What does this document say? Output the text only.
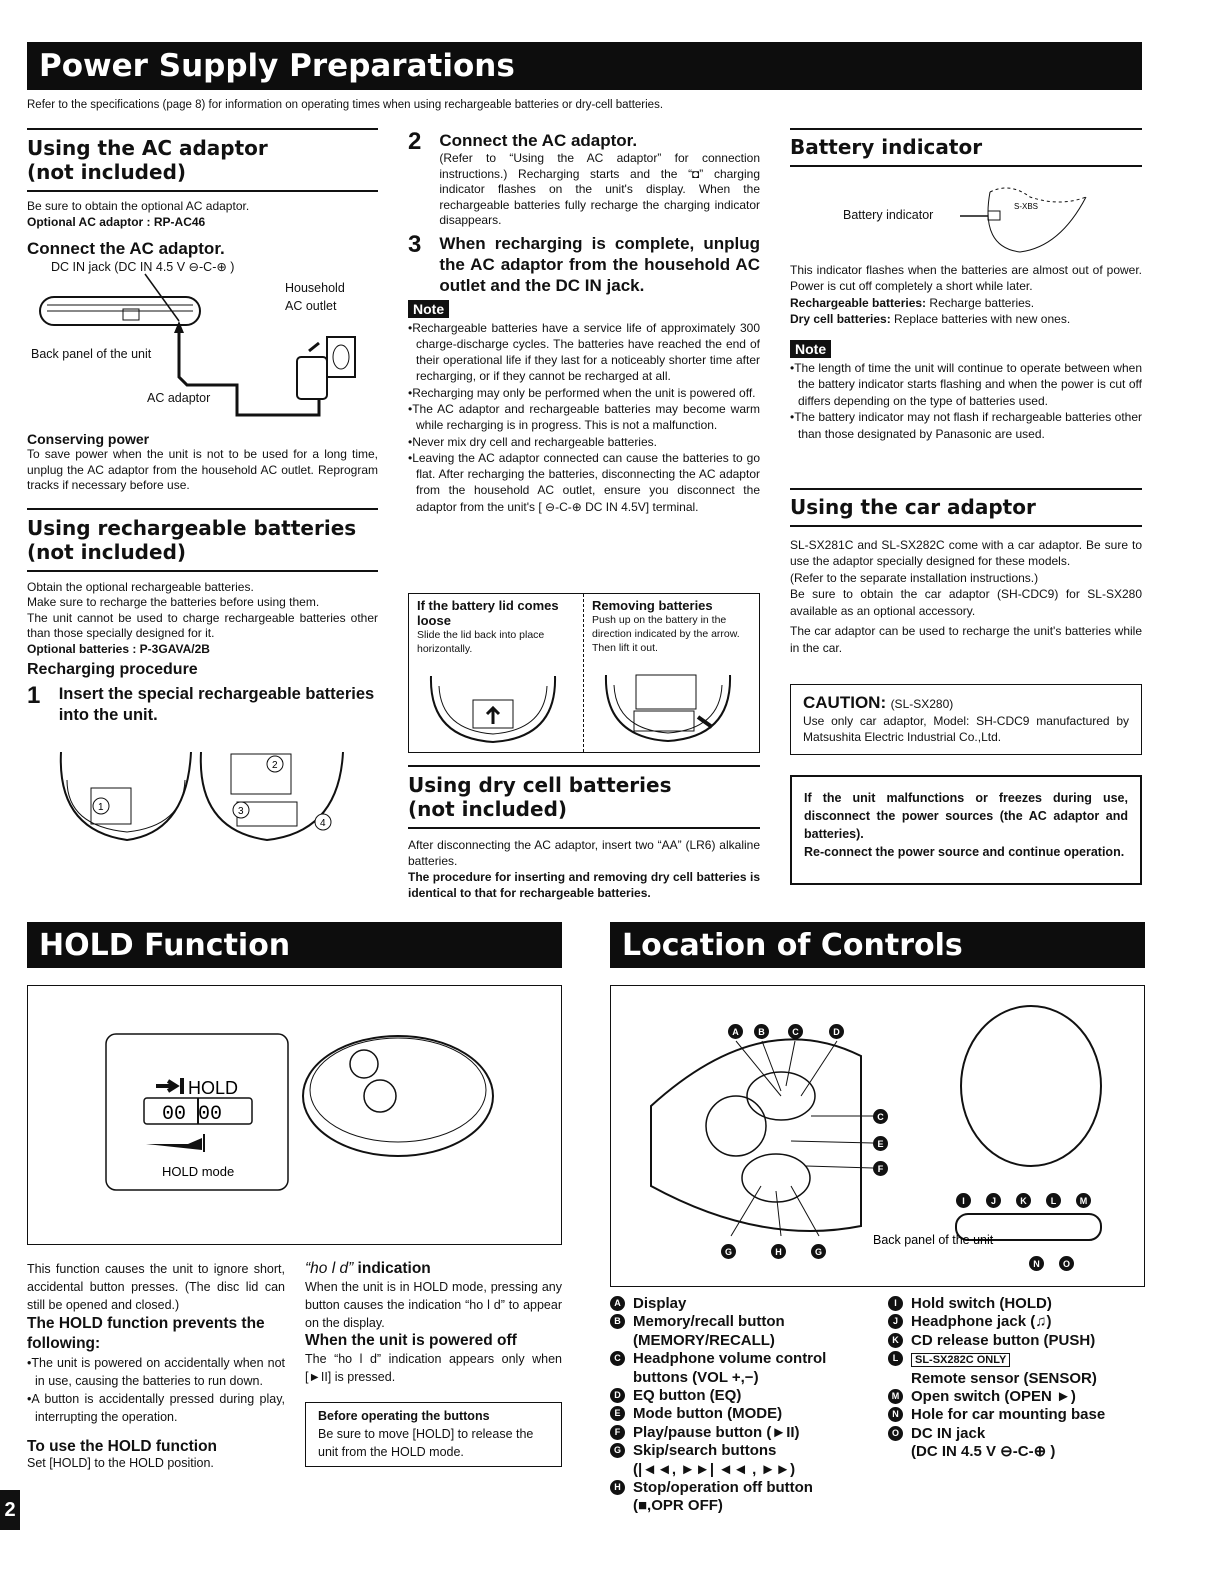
Power Supply Preparations
Refer to the specifications (page 8) for information on operating times when using rechargeable batteries or dry-cell batteries.
Using the AC adaptor
(not included)
Be sure to obtain the optional AC adaptor.
Optional AC adaptor : RP-AC46
Connect the AC adaptor.
DC IN jack (DC IN 4.5 V ⊖-C-⊕ )
Household
AC outlet
Back panel of the unit
AC adaptor
Conserving power
To save power when the unit is not to be used for a long time, unplug the AC adaptor from the household AC outlet. Reprogram tracks if necessary before use.
Using rechargeable batteries
(not included)
Obtain the optional rechargeable batteries.
Make sure to recharge the batteries before using them.
The unit cannot be used to charge rechargeable batteries other than those specially designed for it.
Optional batteries : P-3GAVA/2B
Recharging procedure
1 Insert the special rechargeable batteries into the unit.
1
2
3
4
2 Connect the AC adaptor.
(Refer to “Using the AC adaptor” for connection instructions.) Recharging starts and the “◘” charging indicator flashes on the unit's display. When the rechargeable batteries fully recharge the charging indicator disappears.
3 When recharging is complete, unplug the AC adaptor from the household AC outlet and the DC IN jack.
Note
•Rechargeable batteries have a service life of approximately 300 charge-discharge cycles. The batteries have reached the end of their operational life if they last for a noticeably shorter time after recharging, or if they cannot be recharged at all.
•Recharging may only be performed when the unit is powered off.
•The AC adaptor and rechargeable batteries may become warm while recharging is in progress. This is not a malfunction.
•Never mix dry cell and rechargeable batteries.
•Leaving the AC adaptor connected can cause the batteries to go flat. After recharging the batteries, disconnecting the AC adaptor from the household AC outlet, ensure you disconnect the adaptor from the unit's [ ⊖-C-⊕ DC IN 4.5V] terminal.
If the battery lid comes loose
Slide the lid back into place horizontally.
Removing batteries
Push up on the battery in the direction indicated by the arrow. Then lift it out.
Using dry cell batteries
(not included)
After disconnecting the AC adaptor, insert two “AA” (LR6) alkaline batteries.
The procedure for inserting and removing dry cell batteries is identical to that for rechargeable batteries.
Battery indicator
Battery indicator
S-XBS
This indicator flashes when the batteries are almost out of power. Power is cut off completely a short while later.
Rechargeable batteries: Recharge batteries.
Dry cell batteries: Replace batteries with new ones.
Note
•The length of time the unit will continue to operate between when the battery indicator starts flashing and when the power is cut off differs depending on the type of batteries used.
•The battery indicator may not flash if rechargeable batteries other than those designated by Panasonic are used.
Using the car adaptor
SL-SX281C and SL-SX282C come with a car adaptor. Be sure to use the adaptor specially designed for these models.
(Refer to the separate installation instructions.)
Be sure to obtain the car adaptor (SH-CDC9) for SL-SX280 available as an optional accessory.
The car adaptor can be used to recharge the unit's batteries while in the car.
CAUTION: (SL-SX280)
Use only car adaptor, Model: SH-CDC9 manufactured by Matsushita Electric Industrial Co.,Ltd.
If the unit malfunctions or freezes during use, disconnect the power sources (the AC adaptor and batteries).
Re-connect the power source and continue operation.
HOLD Function
HOLD
00 00
HOLD mode
This function causes the unit to ignore short, accidental button presses. (The disc lid can still be opened and closed.)
The HOLD function prevents the following:
•The unit is powered on accidentally when not in use, causing the batteries to run down.
•A button is accidentally pressed during play, interrupting the operation.
To use the HOLD function
Set [HOLD] to the HOLD position.
“ho l d” indication
When the unit is in HOLD mode, pressing any button causes the indication “ho l d” to appear on the display.
When the unit is powered off
The “ho l d” indication appears only when [►II] is pressed.
Before operating the buttons
Be sure to move [HOLD] to release the unit from the HOLD mode.
Location of Controls
Back panel of the unit
A	B	C	D
C
E
F
G	H	G
I	J	K	L	M
N	O
A Display
B Memory/recall button
(MEMORY/RECALL)
C Headphone volume control
buttons (VOL +,−)
D EQ button (EQ)
E Mode button (MODE)
F Play/pause button (►II)
G Skip/search buttons
(|◄◄, ►►| ◄◄ , ►►)
H Stop/operation off button
(■,OPR OFF)
I Hold switch (HOLD)
J Headphone jack (♫)
K CD release button (PUSH)
L SL-SX282C ONLY
Remote sensor (SENSOR)
M Open switch (OPEN ►)
N Hole for car mounting base
O DC IN jack
(DC IN 4.5 V ⊖-C-⊕ )
2
